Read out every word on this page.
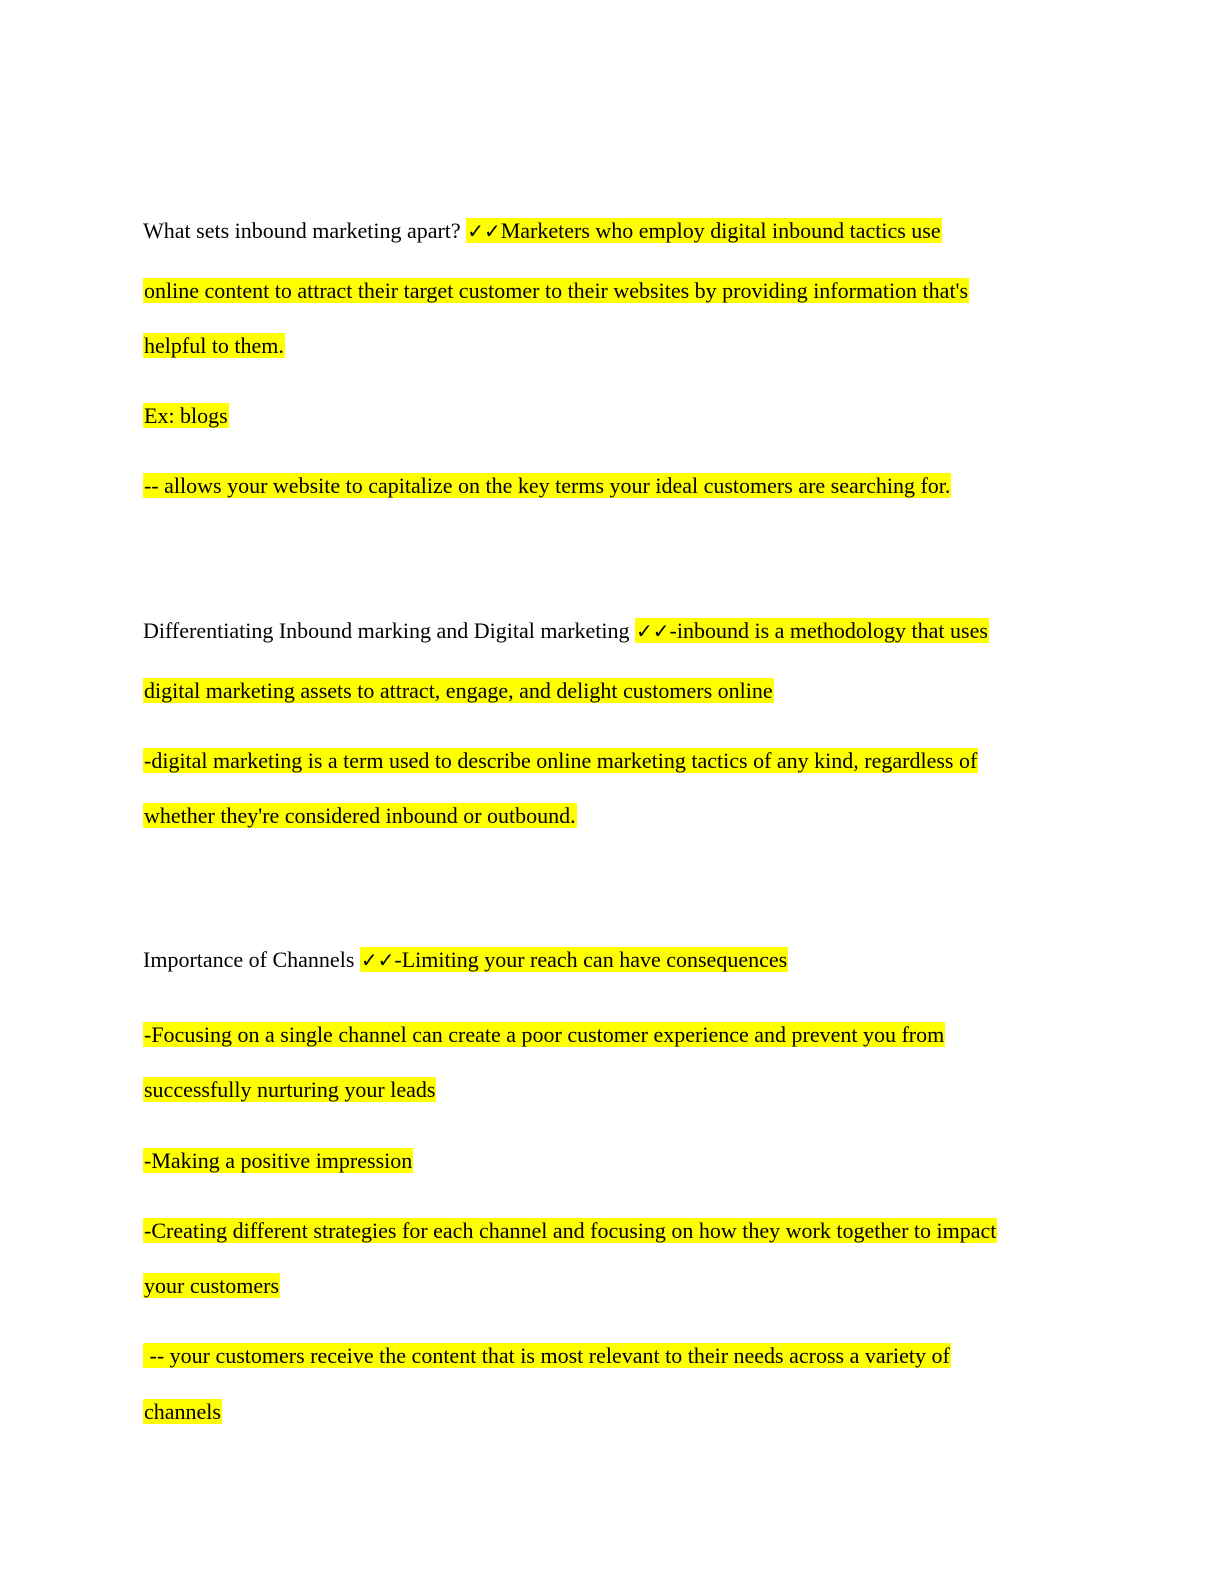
What sets inbound marketing apart? ✓✓Marketers who employ digital inbound tactics use
online content to attract their target customer to their websites by providing information that's
helpful to them.
Ex: blogs
-- allows your website to capitalize on the key terms your ideal customers are searching for.
Differentiating Inbound marking and Digital marketing ✓✓-inbound is a methodology that uses
digital marketing assets to attract, engage, and delight customers online
-digital marketing is a term used to describe online marketing tactics of any kind, regardless of
whether they're considered inbound or outbound.
Importance of Channels ✓✓-Limiting your reach can have consequences
-Focusing on a single channel can create a poor customer experience and prevent you from
successfully nurturing your leads
-Making a positive impression
-Creating different strategies for each channel and focusing on how they work together to impact
your customers
-- your customers receive the content that is most relevant to their needs across a variety of
channels
